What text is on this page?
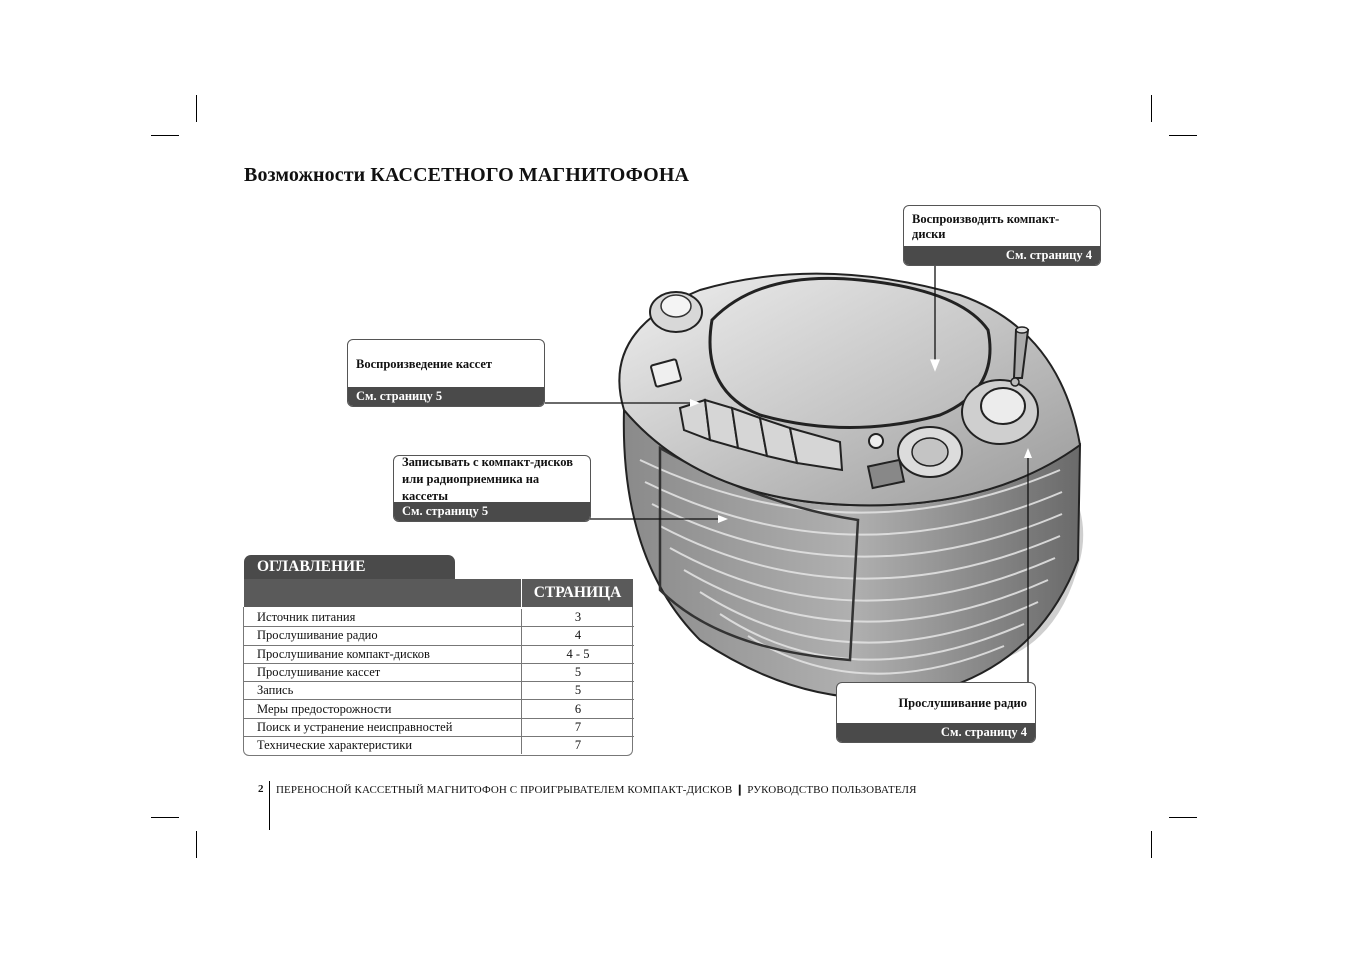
Возможности КАССЕТНОГО МАГНИТОФОНА
Воспроизводить компакт-диски
См. страницу 4
Воспроизведение кассет
См. страницу 5
Записывать с компакт-дисков
или радиоприемника на кассеты
См. страницу 5
Прослушивание радио
См. страницу 4
ОГЛАВЛЕНИЕ
СТРАНИЦА
Источник питания	3
Прослушивание радио	4
Прослушивание компакт-дисков	4 - 5
Прослушивание кассет	5
Запись	5
Меры предосторожности	6
Поиск и устранение неисправностей	7
Технические характеристики	7
2 ПЕРЕНОСНОЙ КАССЕТНЫЙ МАГНИТОФОН С ПРОИГРЫВАТЕЛЕМ КОМПАКТ-ДИСКОВ ❙ РУКОВОДСТВО ПОЛЬЗОВАТЕЛЯ
